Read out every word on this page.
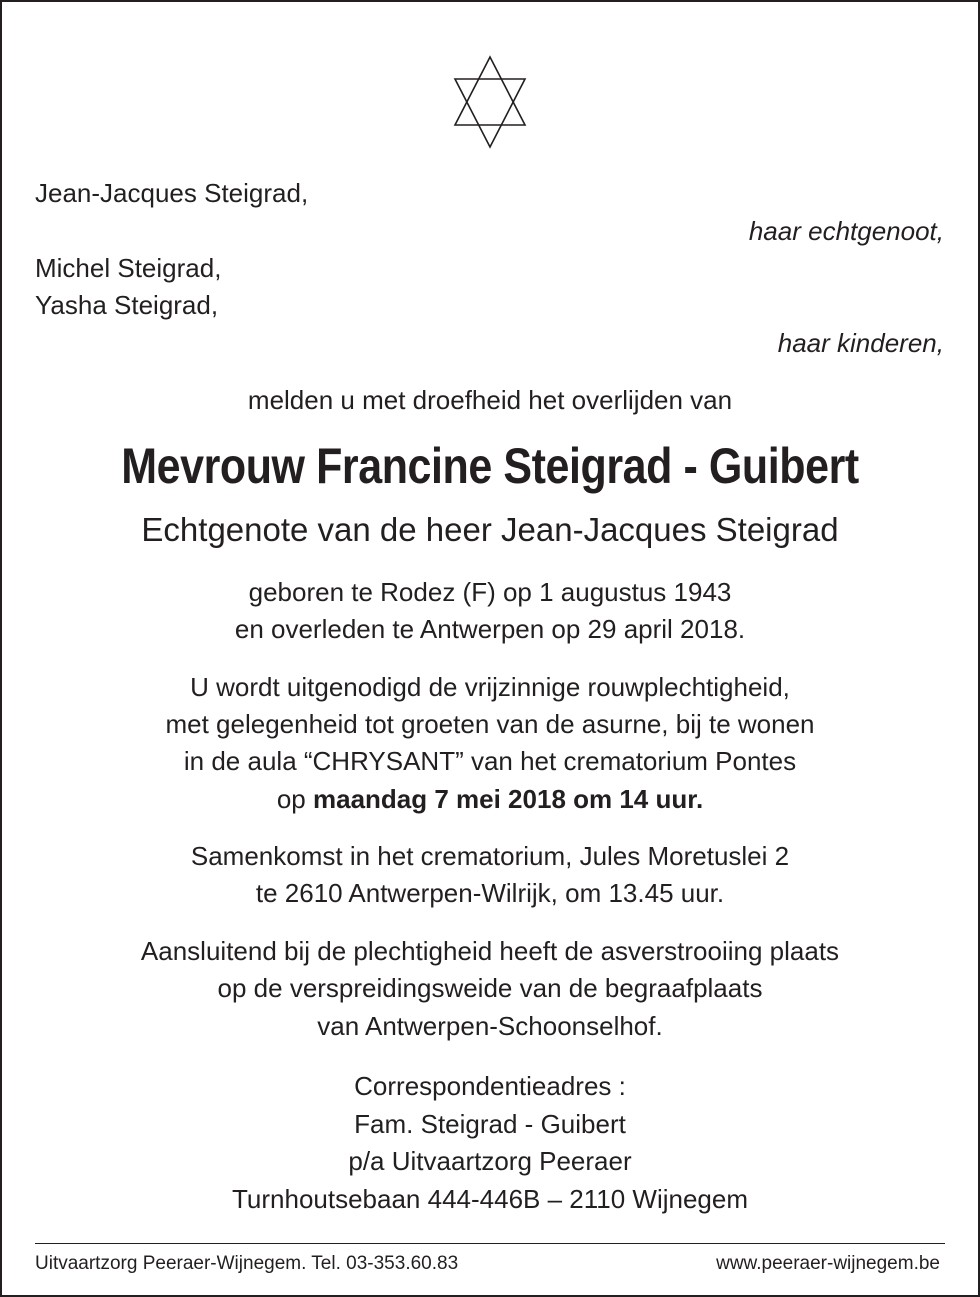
Jean-Jacques Steigrad,
haar echtgenoot,
Michel Steigrad,
Yasha Steigrad,
haar kinderen,
melden u met droefheid het overlijden van
Mevrouw Francine Steigrad - Guibert
Echtgenote van de heer Jean-Jacques Steigrad
geboren te Rodez (F) op 1 augustus 1943
en overleden te Antwerpen op 29 april 2018.
U wordt uitgenodigd de vrijzinnige rouwplechtigheid,
met gelegenheid tot groeten van de asurne, bij te wonen
in de aula “CHRYSANT” van het crematorium Pontes
op maandag 7 mei 2018 om 14 uur.
Samenkomst in het crematorium, Jules Moretuslei 2
te 2610 Antwerpen-Wilrijk, om 13.45 uur.
Aansluitend bij de plechtigheid heeft de asverstrooiing plaats
op de verspreidingsweide van de begraafplaats
van Antwerpen-Schoonselhof.
Correspondentieadres :
Fam. Steigrad - Guibert
p/a Uitvaartzorg Peeraer
Turnhoutsebaan 444-446B – 2110 Wijnegem
Uitvaartzorg Peeraer-Wijnegem. Tel. 03-353.60.83	www.peeraer-wijnegem.be
